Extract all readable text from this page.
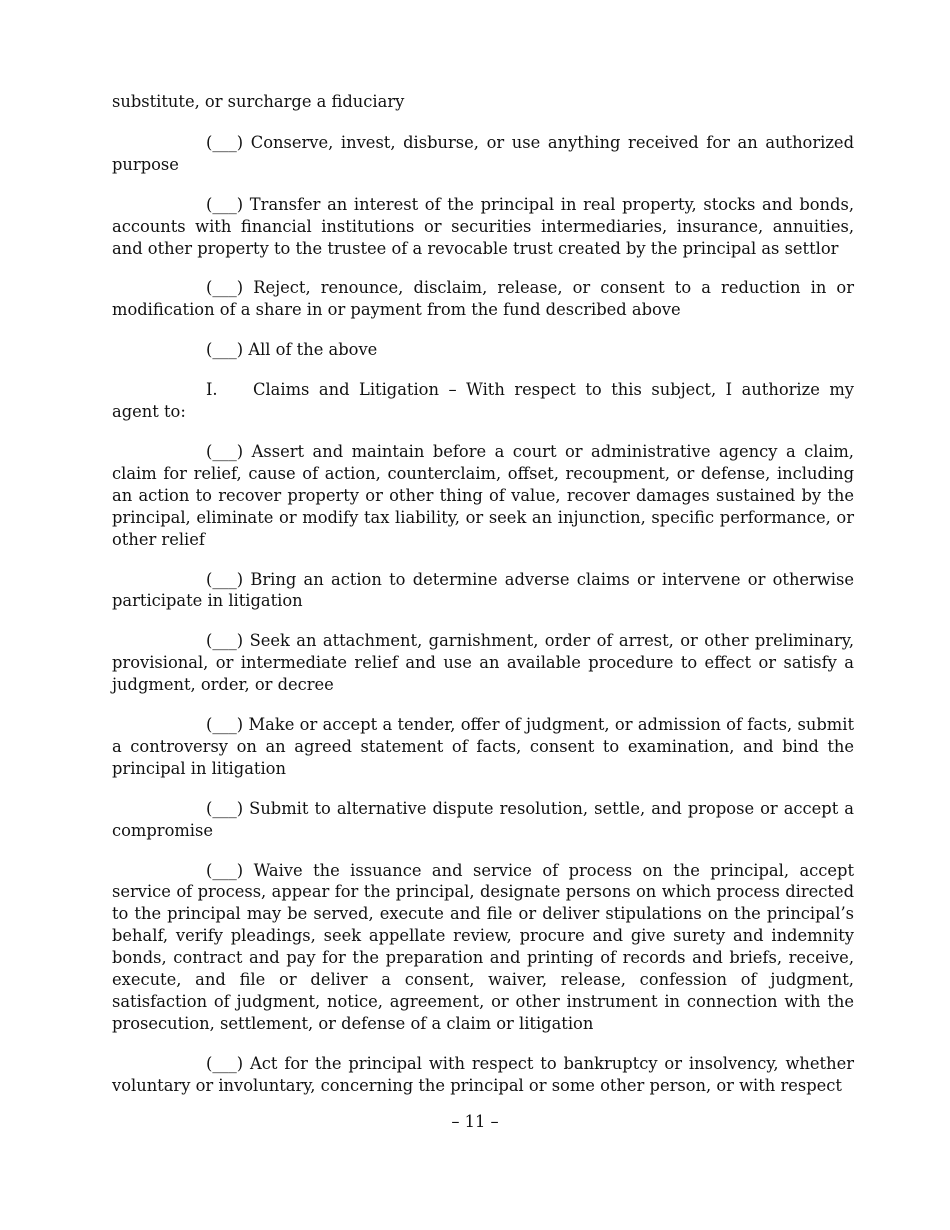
substitute, or surcharge a fiduciary

(___) Conserve, invest, disburse, or use anything received for an authorized purpose

(___) Transfer an interest of the principal in real property, stocks and bonds, accounts with financial institutions or securities intermediaries, insurance, annuities, and other property to the trustee of a revocable trust created by the principal as settlor

(___) Reject, renounce, disclaim, release, or consent to a reduction in or modification of a share in or payment from the fund described above

(___) All of the above

I. Claims and Litigation – With respect to this subject, I authorize my agent to:

(___) Assert and maintain before a court or administrative agency a claim, claim for relief, cause of action, counterclaim, offset, recoupment, or defense, including an action to recover property or other thing of value, recover damages sustained by the principal, eliminate or modify tax liability, or seek an injunction, specific performance, or other relief

(___) Bring an action to determine adverse claims or intervene or otherwise participate in litigation

(___) Seek an attachment, garnishment, order of arrest, or other preliminary, provisional, or intermediate relief and use an available procedure to effect or satisfy a judgment, order, or decree

(___) Make or accept a tender, offer of judgment, or admission of facts, submit a controversy on an agreed statement of facts, consent to examination, and bind the principal in litigation

(___) Submit to alternative dispute resolution, settle, and propose or accept a compromise

(___) Waive the issuance and service of process on the principal, accept service of process, appear for the principal, designate persons on which process directed to the principal may be served, execute and file or deliver stipulations on the principal’s behalf, verify pleadings, seek appellate review, procure and give surety and indemnity bonds, contract and pay for the preparation and printing of records and briefs, receive, execute, and file or deliver a consent, waiver, release, confession of judgment, satisfaction of judgment, notice, agreement, or other instrument in connection with the prosecution, settlement, or defense of a claim or litigation

(___) Act for the principal with respect to bankruptcy or insolvency, whether voluntary or involuntary, concerning the principal or some other person, or with respect

– 11 –
